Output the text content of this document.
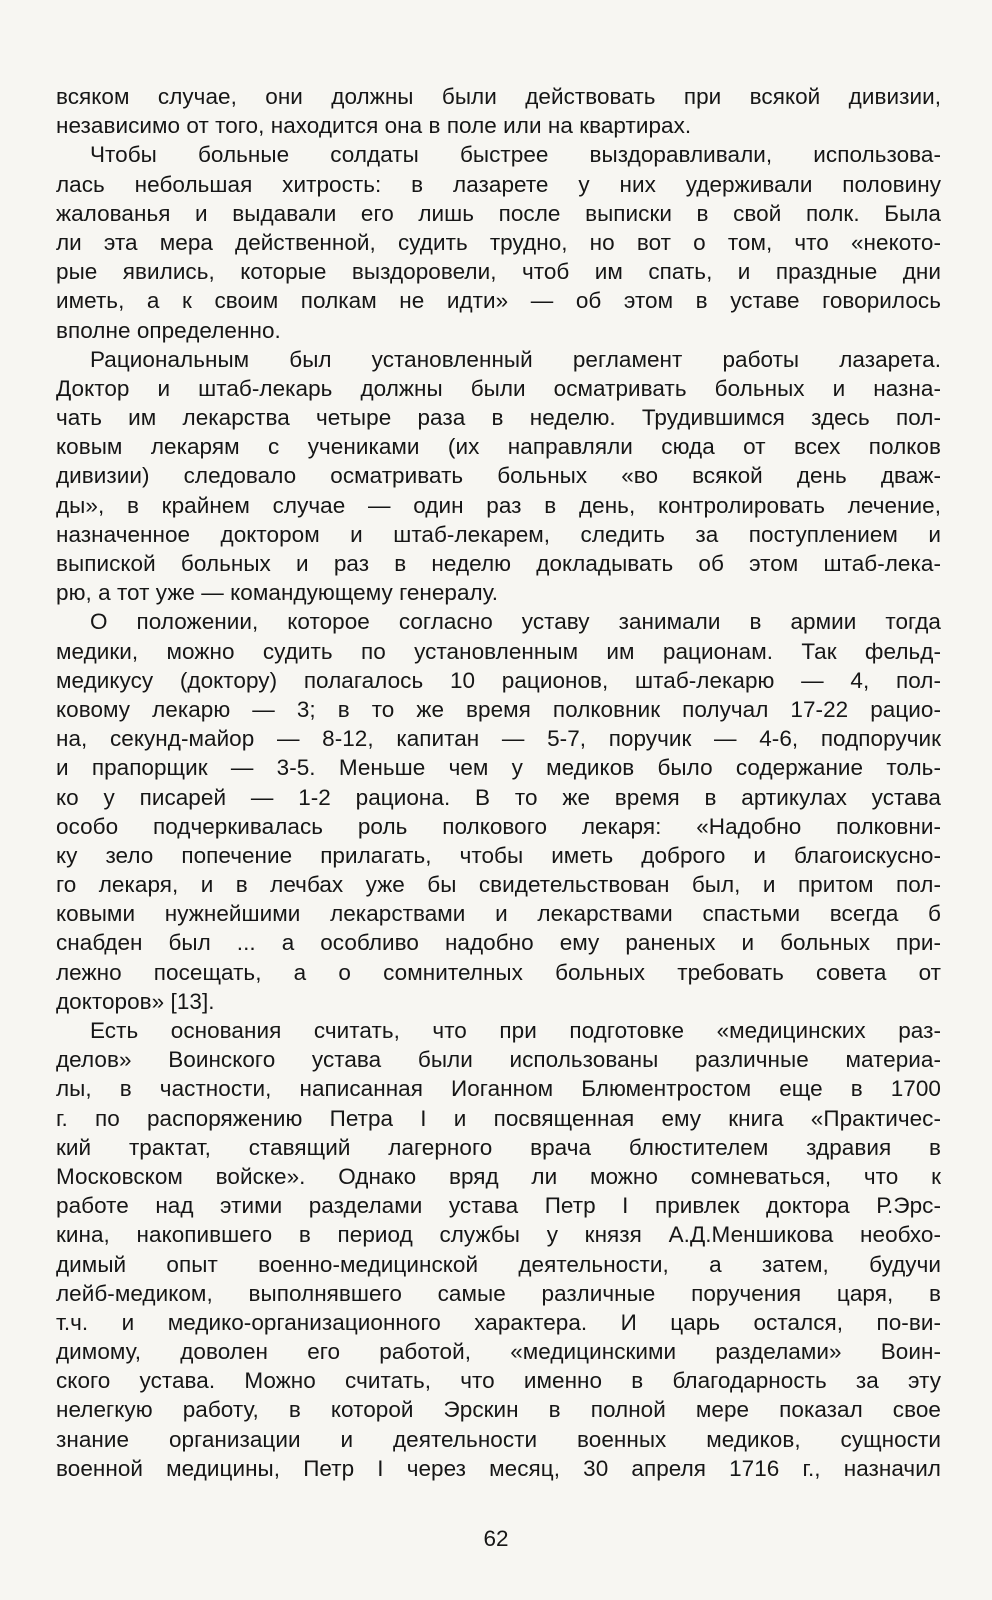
всяком случае, они должны были действовать при всякой дивизии,
независимо от того, находится она в поле или на квартирах.
Чтобы больные солдаты быстрее выздоравливали, использова-
лась небольшая хитрость: в лазарете у них удерживали половину
жалованья и выдавали его лишь после выписки в свой полк. Была
ли эта мера действенной, судить трудно, но вот о том, что «некото-
рые явились, которые выздоровели, чтоб им спать, и праздные дни
иметь, а к своим полкам не идти» — об этом в уставе говорилось
вполне определенно.
Рациональным был установленный регламент работы лазарета.
Доктор и штаб-лекарь должны были осматривать больных и назна-
чать им лекарства четыре раза в неделю. Трудившимся здесь пол-
ковым лекарям с учениками (их направляли сюда от всех полков
дивизии) следовало осматривать больных «во всякой день дваж-
ды», в крайнем случае — один раз в день, контролировать лечение,
назначенное доктором и штаб-лекарем, следить за поступлением и
выпиской больных и раз в неделю докладывать об этом штаб-лека-
рю, а тот уже — командующему генералу.
О положении, которое согласно уставу занимали в армии тогда
медики, можно судить по установленным им рационам. Так фельд-
медикусу (доктору) полагалось 10 рационов, штаб-лекарю — 4, пол-
ковому лекарю — 3; в то же время полковник получал 17-22 рацио-
на, секунд-майор — 8-12, капитан — 5-7, поручик — 4-6, подпоручик
и прапорщик — 3-5. Меньше чем у медиков было содержание толь-
ко у писарей — 1-2 рациона. В то же время в артикулах устава
особо подчеркивалась роль полкового лекаря: «Надобно полковни-
ку зело попечение прилагать, чтобы иметь доброго и благоискусно-
го лекаря, и в лечбах уже бы свидетельствован был, и притом пол-
ковыми нужнейшими лекарствами и лекарствами спастьми всегда б
снабден был ... а особливо надобно ему раненых и больных при-
лежно посещать, а о сомнителных больных требовать совета от
докторов» [13].
Есть основания считать, что при подготовке «медицинских раз-
делов» Воинского устава были использованы различные материа-
лы, в частности, написанная Иоганном Блюментростом еще в 1700
г. по распоряжению Петра I и посвященная ему книга «Практичес-
кий трактат, ставящий лагерного врача блюстителем здравия в
Московском войске». Однако вряд ли можно сомневаться, что к
работе над этими разделами устава Петр I привлек доктора Р.Эрс-
кина, накопившего в период службы у князя А.Д.Меншикова необхо-
димый опыт военно-медицинской деятельности, а затем, будучи
лейб-медиком, выполнявшего самые различные поручения царя, в
т.ч. и медико-организационного характера. И царь остался, по-ви-
димому, доволен его работой, «медицинскими разделами» Воин-
ского устава. Можно считать, что именно в благодарность за эту
нелегкую работу, в которой Эрскин в полной мере показал свое
знание организации и деятельности военных медиков, сущности
военной медицины, Петр I через месяц, 30 апреля 1716 г., назначил
62
